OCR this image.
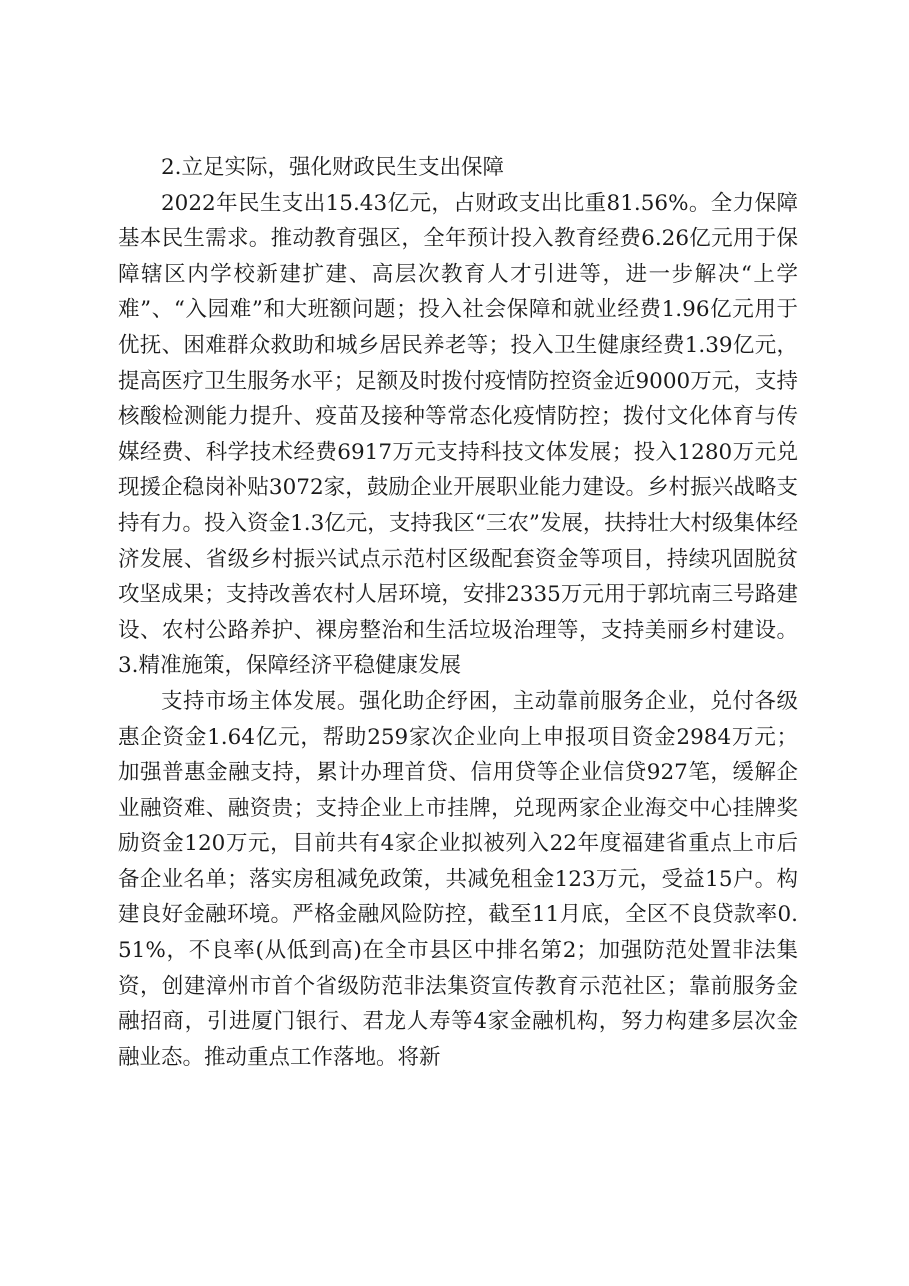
2.立足实际，强化财政民生支出保障

2022年民生支出15.43亿元，占财政支出比重81.56%。全力保障基本民生需求。推动教育强区，全年预计投入教育经费6.26亿元用于保障辖区内学校新建扩建、高层次教育人才引进等，进一步解决“上学难”、“入园难”和大班额问题；投入社会保障和就业经费1.96亿元用于优抚、困难群众救助和城乡居民养老等；投入卫生健康经费1.39亿元，提高医疗卫生服务水平；足额及时拨付疫情防控资金近9000万元，支持核酸检测能力提升、疫苗及接种等常态化疫情防控；拨付文化体育与传媒经费、科学技术经费6917万元支持科技文体发展；投入1280万元兑现援企稳岗补贴3072家，鼓励企业开展职业能力建设。乡村振兴战略支持有力。投入资金1.3亿元，支持我区“三农”发展，扶持壮大村级集体经济发展、省级乡村振兴试点示范村区级配套资金等项目，持续巩固脱贫攻坚成果；支持改善农村人居环境，安排2335万元用于郭坑南三号路建设、农村公路养护、裸房整治和生活垃圾治理等，支持美丽乡村建设。3.精准施策，保障经济平稳健康发展

支持市场主体发展。强化助企纾困，主动靠前服务企业，兑付各级惠企资金1.64亿元，帮助259家次企业向上申报项目资金2984万元；加强普惠金融支持，累计办理首贷、信用贷等企业信贷927笔，缓解企业融资难、融资贵；支持企业上市挂牌，兑现两家企业海交中心挂牌奖励资金120万元，目前共有4家企业拟被列入22年度福建省重点上市后备企业名单；落实房租减免政策，共减免租金123万元，受益15户。构建良好金融环境。严格金融风险防控，截至11月底，全区不良贷款率0.51%，不良率(从低到高)在全市县区中排名第2；加强防范处置非法集资，创建漳州市首个省级防范非法集资宣传教育示范社区；靠前服务金融招商，引进厦门银行、君龙人寿等4家金融机构，努力构建多层次金融业态。推动重点工作落地。将新
